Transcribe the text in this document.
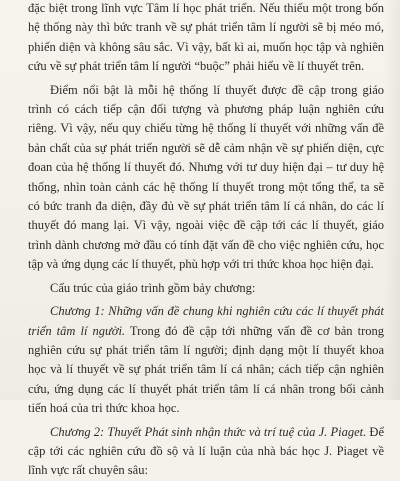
đặc biệt trong lĩnh vực Tâm lí học phát triển. Nếu thiếu một trong bốn hệ thống này thì bức tranh về sự phát triển tâm lí người sẽ bị méo mó, phiến diện và không sâu sắc. Vì vậy, bất kì ai, muốn học tập và nghiên cứu về sự phát triển tâm lí người “buộc” phải hiểu về lí thuyết trên.

Điểm nổi bật là mỗi hệ thống lí thuyết được đề cập trong giáo trình có cách tiếp cận đối tượng và phương pháp luận nghiên cứu riêng. Vì vậy, nếu quy chiếu từng hệ thống lí thuyết với những vấn đề bản chất của sự phát triển người sẽ dễ cảm nhận về sự phiến diện, cực đoan của hệ thống lí thuyết đó. Nhưng với tư duy hiện đại – tư duy hệ thống, nhìn toàn cảnh các hệ thống lí thuyết trong một tổng thể, ta sẽ có bức tranh đa diện, đầy đủ về sự phát triển tâm lí cá nhân, do các lí thuyết đó mang lại. Vì vậy, ngoài việc đề cập tới các lí thuyết, giáo trình dành chương mở đầu có tính đặt vấn đề cho việc nghiên cứu, học tập và ứng dụng các lí thuyết, phù hợp với tri thức khoa học hiện đại.

Cấu trúc của giáo trình gồm bảy chương:

Chương 1: Những vấn đề chung khi nghiên cứu các lí thuyết phát triển tâm lí người. Trong đó đề cập tới những vấn đề cơ bản trong nghiên cứu sự phát triển tâm lí người; định dạng một lí thuyết khoa học và lí thuyết về sự phát triển tâm lí cá nhân; cách tiếp cận nghiên cứu, ứng dụng các lí thuyết phát triển tâm lí cá nhân trong bối cảnh tiến hoá của tri thức khoa học.

Chương 2: Thuyết Phát sinh nhận thức và trí tuệ của J. Piaget. Để cập tới các nghiên cứu đồ sộ và lí luận của nhà bác học J. Piaget về lĩnh vực rất chuyên sâu:
